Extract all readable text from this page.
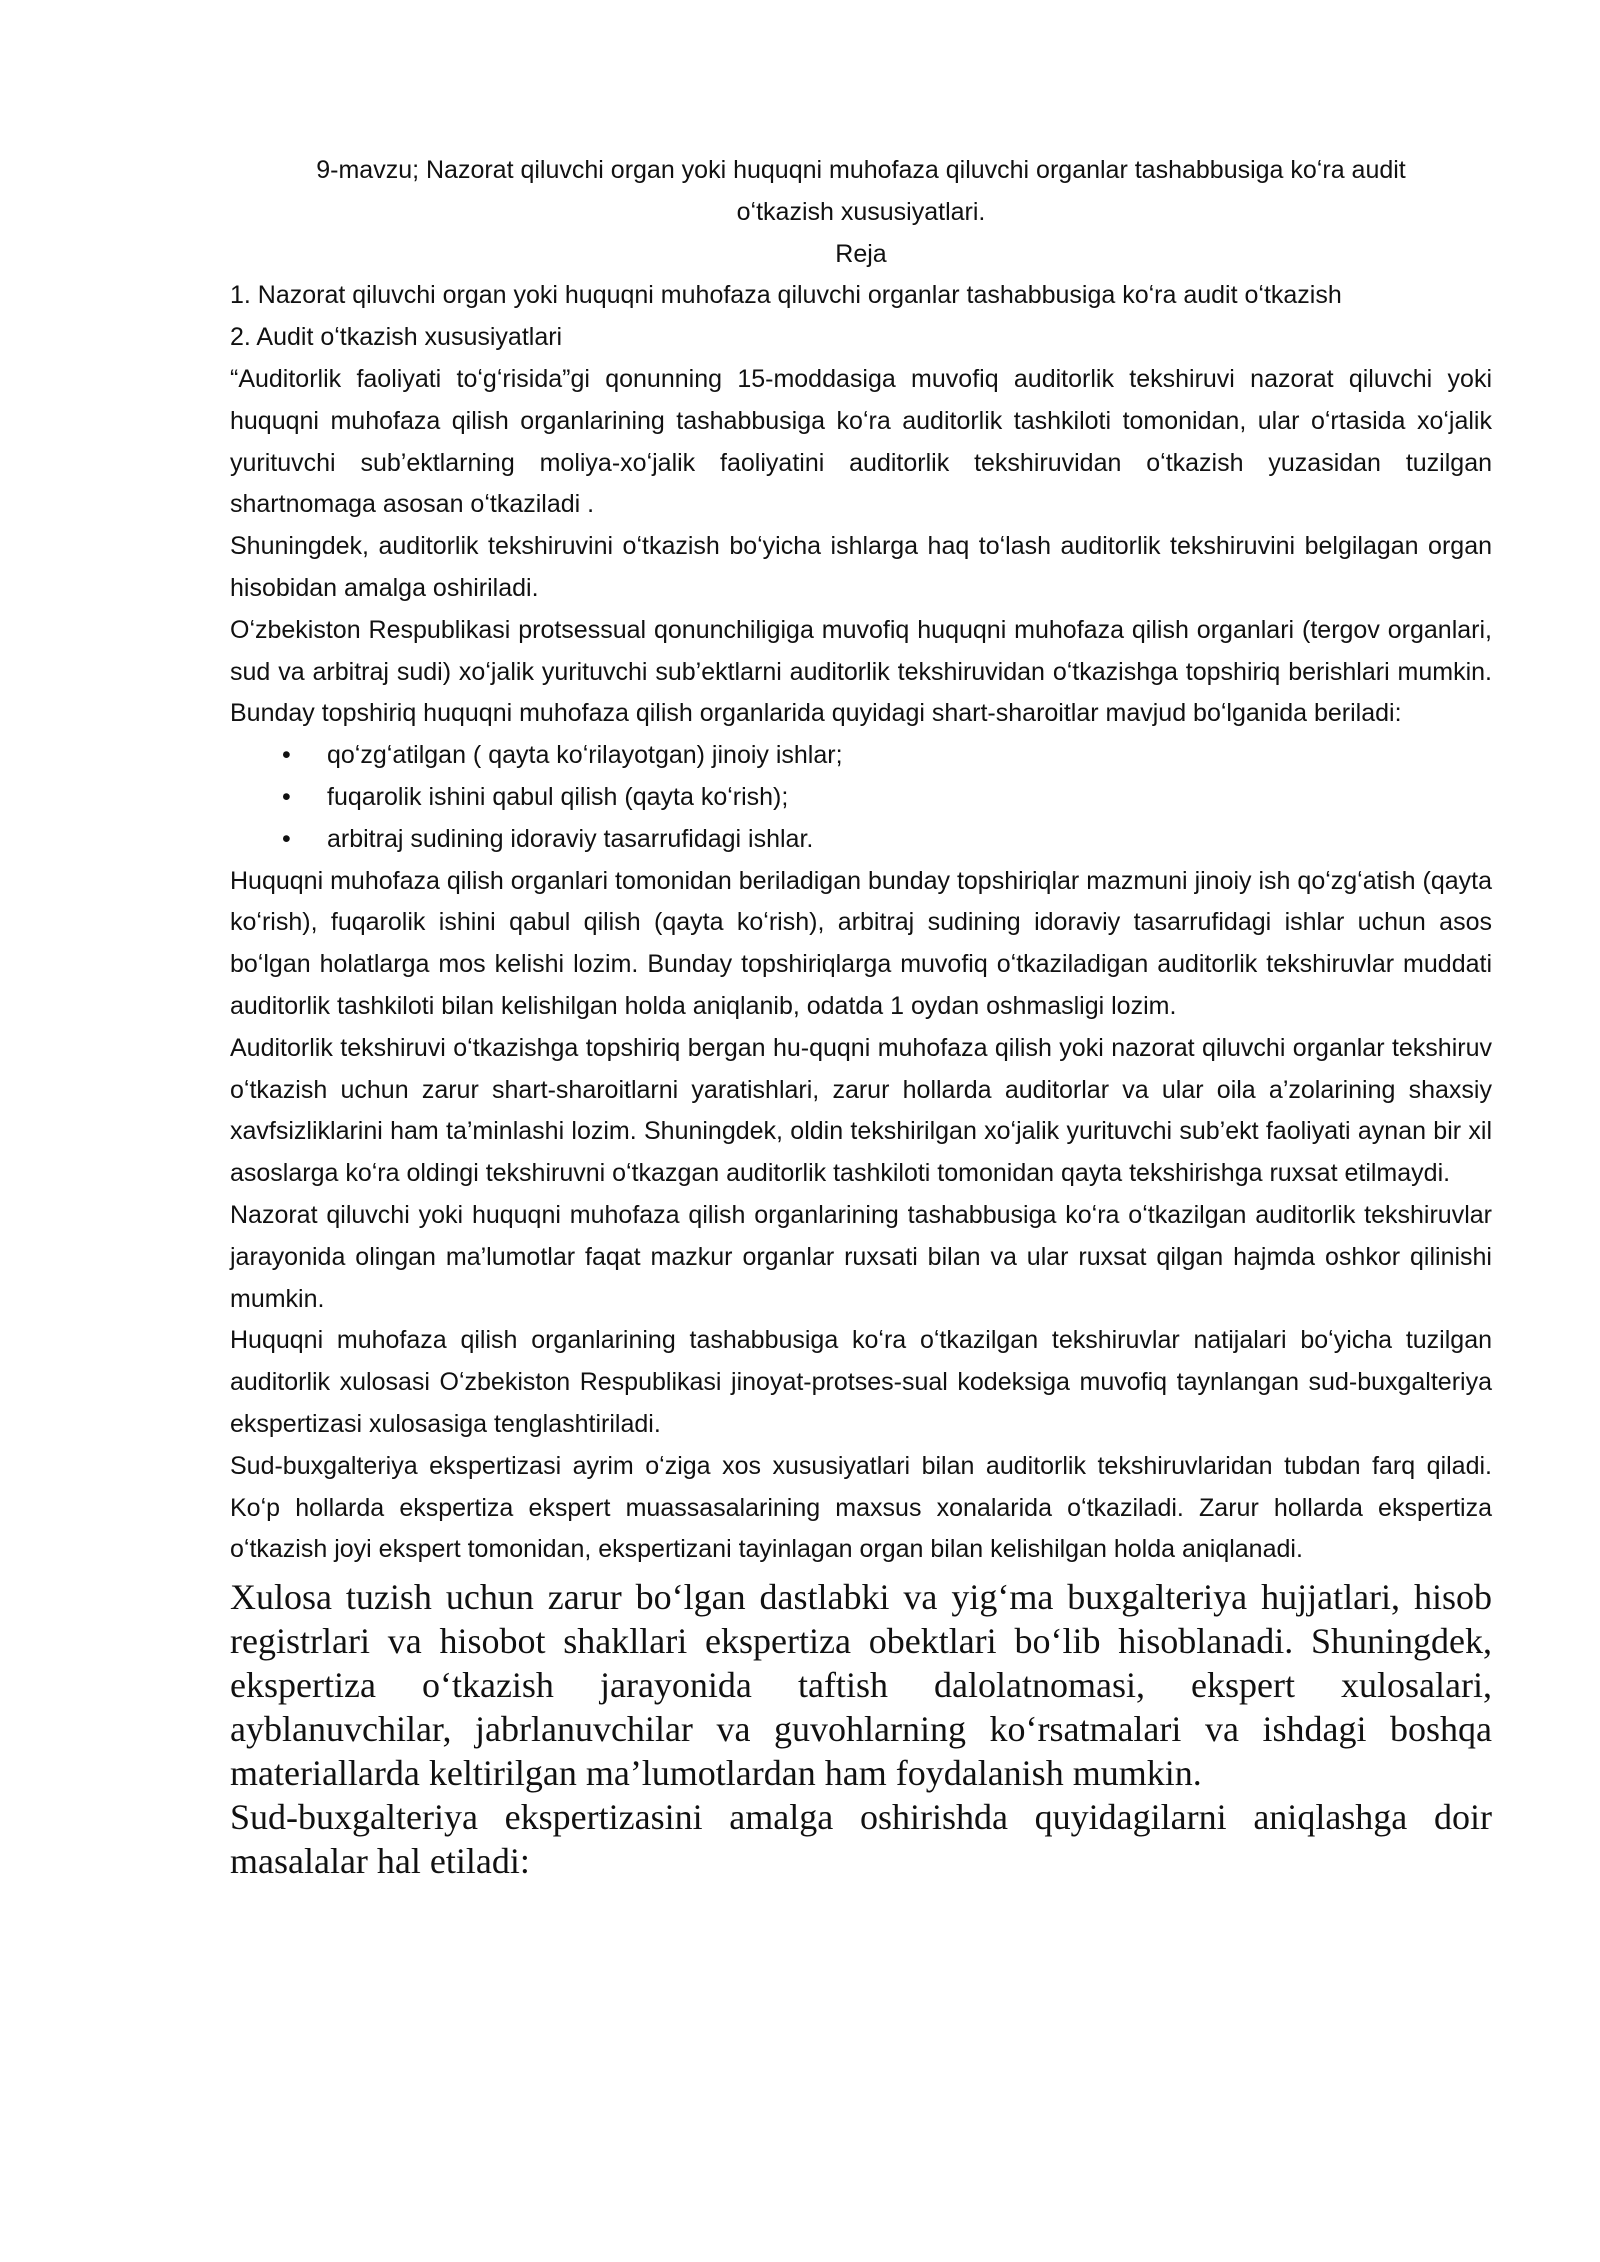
9-mavzu; Nazorat qiluvchi organ yoki huquqni muhofaza qiluvchi organlar tashabbusiga koʻra audit
oʻtkazish xususiyatlari.
Reja
1. Nazorat qiluvchi organ yoki huquqni muhofaza qiluvchi organlar tashabbusiga koʻra audit oʻtkazish
2. Audit oʻtkazish xususiyatlari

“Auditorlik faoliyati toʻgʻrisida”gi qonunning 15-moddasiga muvofiq auditorlik tekshiruvi nazorat qiluvchi yoki huquqni muhofaza qilish organlarining tashabbusiga koʻra auditorlik tashkiloti tomonidan, ular oʻrtasida xoʻjalik yurituvchi sub’ektlarning moliya-xoʻjalik faoliyatini auditorlik tekshiruvidan oʻtkazish yuzasidan tuzilgan shartnomaga asosan oʻtkaziladi .

Shuningdek, auditorlik tekshiruvini oʻtkazish boʻyicha ishlarga haq toʻlash auditorlik tekshiruvini belgilagan organ hisobidan amalga oshiriladi.

Oʻzbekiston Respublikasi protsessual qonunchiligiga muvofiq huquqni muhofaza qilish organlari (tergov organlari, sud va arbitraj sudi) xoʻjalik yurituvchi sub’ektlarni auditorlik tekshiruvidan oʻtkazishga topshiriq berishlari mumkin. Bunday topshiriq huquqni muhofaza qilish organlarida quyidagi shart-sharoitlar mavjud boʻlganida beriladi:

• qoʻzgʻatilgan ( qayta koʻrilayotgan) jinoiy ishlar;
• fuqarolik ishini qabul qilish (qayta koʻrish);
• arbitraj sudining idoraviy tasarrufidagi ishlar.

Huquqni muhofaza qilish organlari tomonidan beriladigan bunday topshiriqlar mazmuni jinoiy ish qoʻzgʻatish (qayta koʻrish), fuqarolik ishini qabul qilish (qayta koʻrish), arbitraj sudining idoraviy tasarrufidagi ishlar uchun asos boʻlgan holatlarga mos kelishi lozim. Bunday topshiriqlarga muvofiq oʻtkaziladigan auditorlik tekshiruvlar muddati auditorlik tashkiloti bilan kelishilgan holda aniqlanib, odatda 1 oydan oshmasligi lozim.

Auditorlik tekshiruvi oʻtkazishga topshiriq bergan hu-quqni muhofaza qilish yoki nazorat qiluvchi organlar tekshiruv oʻtkazish uchun zarur shart-sharoitlarni yaratishlari, zarur hollarda auditorlar va ular oila a’zolarining shaxsiy xavfsizliklarini ham ta’minlashi lozim. Shuningdek, oldin tekshirilgan xoʻjalik yurituvchi sub’ekt faoliyati aynan bir xil asoslarga koʻra oldingi tekshiruvni oʻtkazgan auditorlik tashkiloti tomonidan qayta tekshirishga ruxsat etilmaydi.

Nazorat qiluvchi yoki huquqni muhofaza qilish organlarining tashabbusiga koʻra oʻtkazilgan auditorlik tekshiruvlar jarayonida olingan ma’lumotlar faqat mazkur organlar ruxsati bilan va ular ruxsat qilgan hajmda oshkor qilinishi mumkin.

Huquqni muhofaza qilish organlarining tashabbusiga koʻra oʻtkazilgan tekshiruvlar natijalari boʻyicha tuzilgan auditorlik xulosasi Oʻzbekiston Respublikasi jinoyat-protses-sual kodeksiga muvofiq taynlangan sud-buxgalteriya ekspertizasi xulosasiga tenglashtiriladi.

Sud-buxgalteriya ekspertizasi ayrim oʻziga xos xususiyatlari bilan auditorlik tekshiruvlaridan tubdan farq qiladi. Koʻp hollarda ekspertiza ekspert muassasalarining maxsus xonalarida oʻtkaziladi. Zarur hollarda ekspertiza oʻtkazish joyi ekspert tomonidan, ekspertizani tayinlagan organ bilan kelishilgan holda aniqlanadi.

Xulosa tuzish uchun zarur boʻlgan dastlabki va yigʻma buxgalteriya hujjatlari, hisob registrlari va hisobot shakllari ekspertiza obektlari boʻlib hisoblanadi. Shuningdek, ekspertiza oʻtkazish jarayonida taftish dalolatnomasi, ekspert xulosalari, ayblanuvchilar, jabrlanuvchilar va guvohlarning koʻrsatmalari va ishdagi boshqa materiallarda keltirilgan ma’lumotlardan ham foydalanish mumkin.

Sud-buxgalteriya ekspertizasini amalga oshirishda quyidagilarni aniqlashga doir masalalar hal etiladi:
